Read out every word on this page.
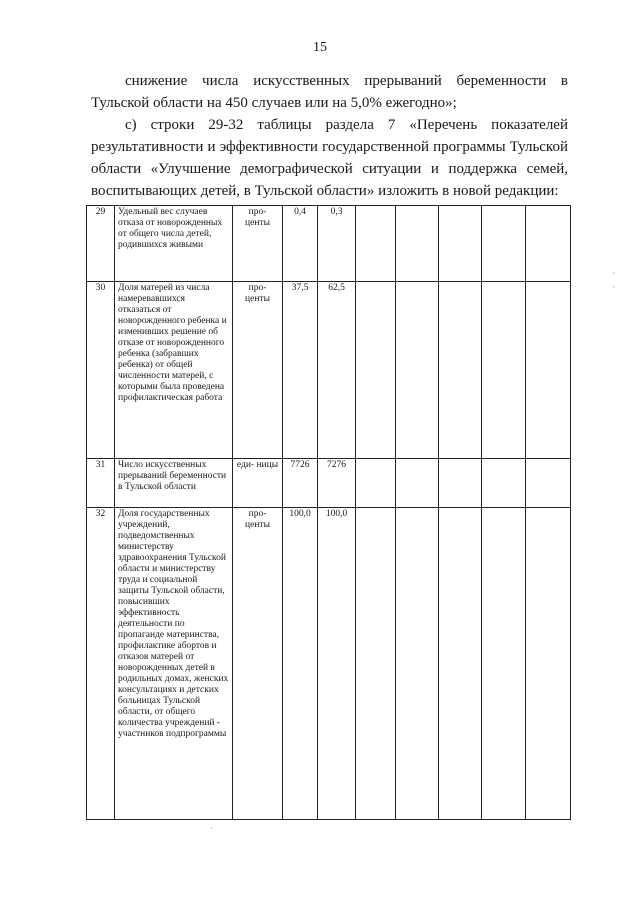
15
снижение числа искусственных прерываний беременности в Тульской области на 450 случаев или на 5,0% ежегодно»;
с) строки 29-32 таблицы раздела 7 «Перечень показателей результативности и эффективности государственной программы Тульской области «Улучшение демографической ситуации и поддержка семей, воспитывающих детей, в Тульской области» изложить в новой редакции:
29	Удельный вес случаев отказа от новорожденных от общего числа детей, родившихся живыми	про- центы	0,4	0,3					
30	Доля матерей из числа намеревавшихся отказаться от новорожденного ребенка и изменивших решение об отказе от новорожденного ребенка (забравших ребенка) от общей численности матерей, с которыми была проведена профилактическая работа	про- центы	37,5	62,5					
31	Число искусственных прерываний беременности в Тульской области	еди- ницы	7726	7276					
32	Доля государственных учреждений, подведомственных министерству здравоохранения Тульской области и министерству труда и социальной защиты Тульской области, повысивших эффективность деятельности по пропаганде материнства, профилактике абортов и отказов матерей от новорожденных детей в родильных домах, женских консультациях и детских больницах Тульской области, от общего количества учреждений - участников подпрограммы	про- центы	100,0	100,0					
·
·
·
